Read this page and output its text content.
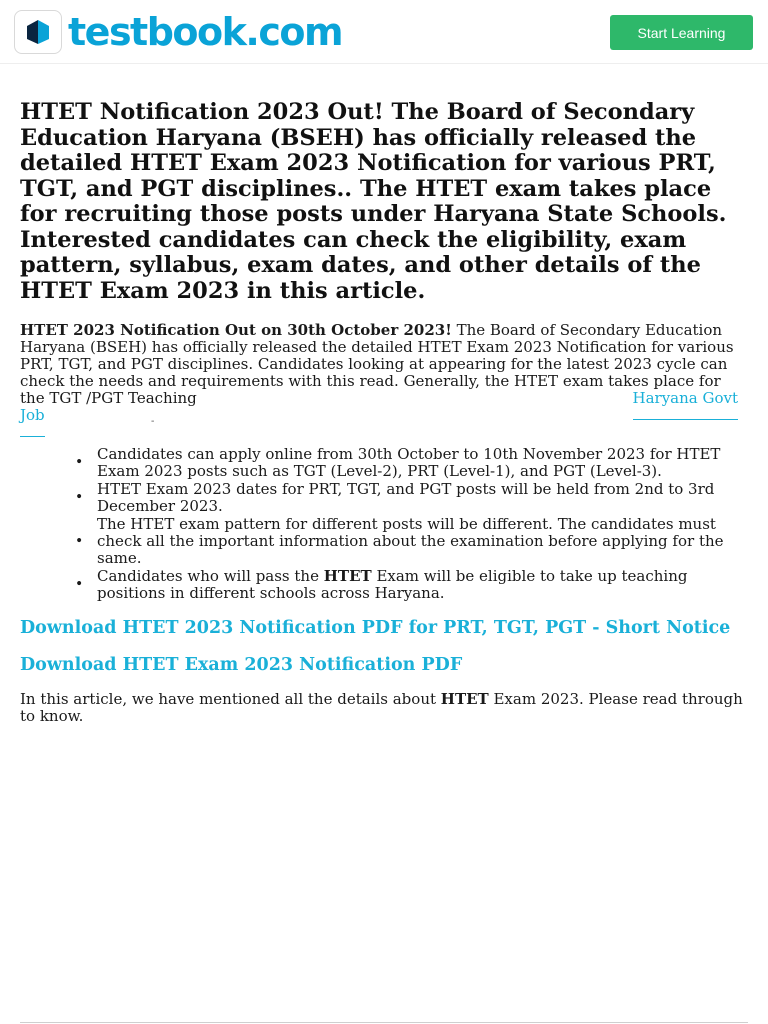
testbook.com	Start Learning
HTET Notification 2023 Out! The Board of Secondary Education Haryana (BSEH) has officially released the detailed HTET Exam 2023 Notification for various PRT, TGT, and PGT disciplines.. The HTET exam takes place for recruiting those posts under Haryana State Schools. Interested candidates can check the eligibility, exam pattern, syllabus, exam dates, and other details of the HTET Exam 2023 in this article.

HTET 2023 Notification Out on 30th October 2023! The Board of Secondary Education Haryana (BSEH) has officially released the detailed HTET Exam 2023 Notification for various PRT, TGT, and PGT disciplines. Candidates looking at appearing for the latest 2023 cycle can check the needs and requirements with this read. Generally, the HTET exam takes place for the TGT /PGT Teaching	Haryana Govt
Job	-
• Candidates can apply online from 30th October to 10th November 2023 for HTET Exam 2023 posts such as TGT (Level-2), PRT (Level-1), and PGT (Level-3).
• HTET Exam 2023 dates for PRT, TGT, and PGT posts will be held from 2nd to 3rd December 2023.
•
The HTET exam pattern for different posts will be different. The candidates must check all the important information about the examination before applying for the same.
• Candidates who will pass the HTET Exam will be eligible to take up teaching positions in different schools across Haryana.
Download HTET 2023 Notification PDF for PRT, TGT, PGT - Short Notice
Download HTET Exam 2023 Notification PDF

In this article, we have mentioned all the details about HTET Exam 2023. Please read through to know.
